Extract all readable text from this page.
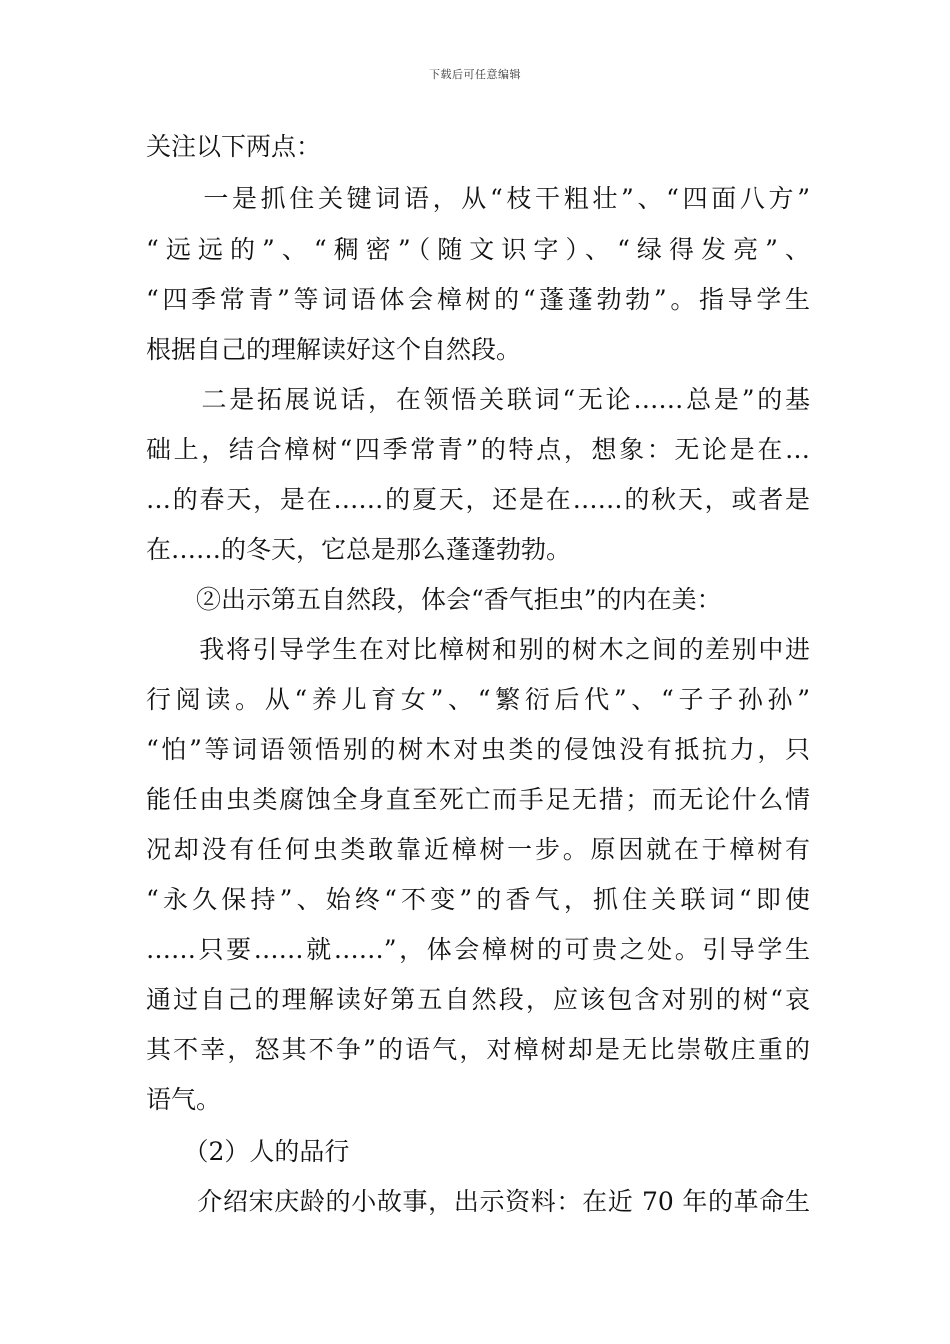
下载后可任意编辑
关注以下两点：
　　一是抓住关键词语，从“枝干粗壮”、“四面八方”
“远远的”、“稠密”（随文识字）、“绿得发亮”、
“四季常青”等词语体会樟树的“蓬蓬勃勃”。指导学生
根据自己的理解读好这个自然段。
　　二是拓展说话，在领悟关联词“无论……总是”的基
础上，结合樟树“四季常青”的特点，想象：无论是在…
…的春天，是在……的夏天，还是在……的秋天，或者是
在……的冬天，它总是那么蓬蓬勃勃。
　　②出示第五自然段，体会“香气拒虫”的内在美：
　　我将引导学生在对比樟树和别的树木之间的差别中进
行阅读。从“养儿育女”、“繁衍后代”、“子子孙孙”
“怕”等词语领悟别的树木对虫类的侵蚀没有抵抗力，只
能任由虫类腐蚀全身直至死亡而手足无措；而无论什么情
况却没有任何虫类敢靠近樟树一步。原因就在于樟树有
“永久保持”、始终“不变”的香气，抓住关联词“即使
……只要……就……”，体会樟树的可贵之处。引导学生
通过自己的理解读好第五自然段，应该包含对别的树“哀
其不幸，怒其不争”的语气，对樟树却是无比崇敬庄重的
语气。
　　（2）人的品行
　　介绍宋庆龄的小故事，出示资料：在近 70 年的革命生
